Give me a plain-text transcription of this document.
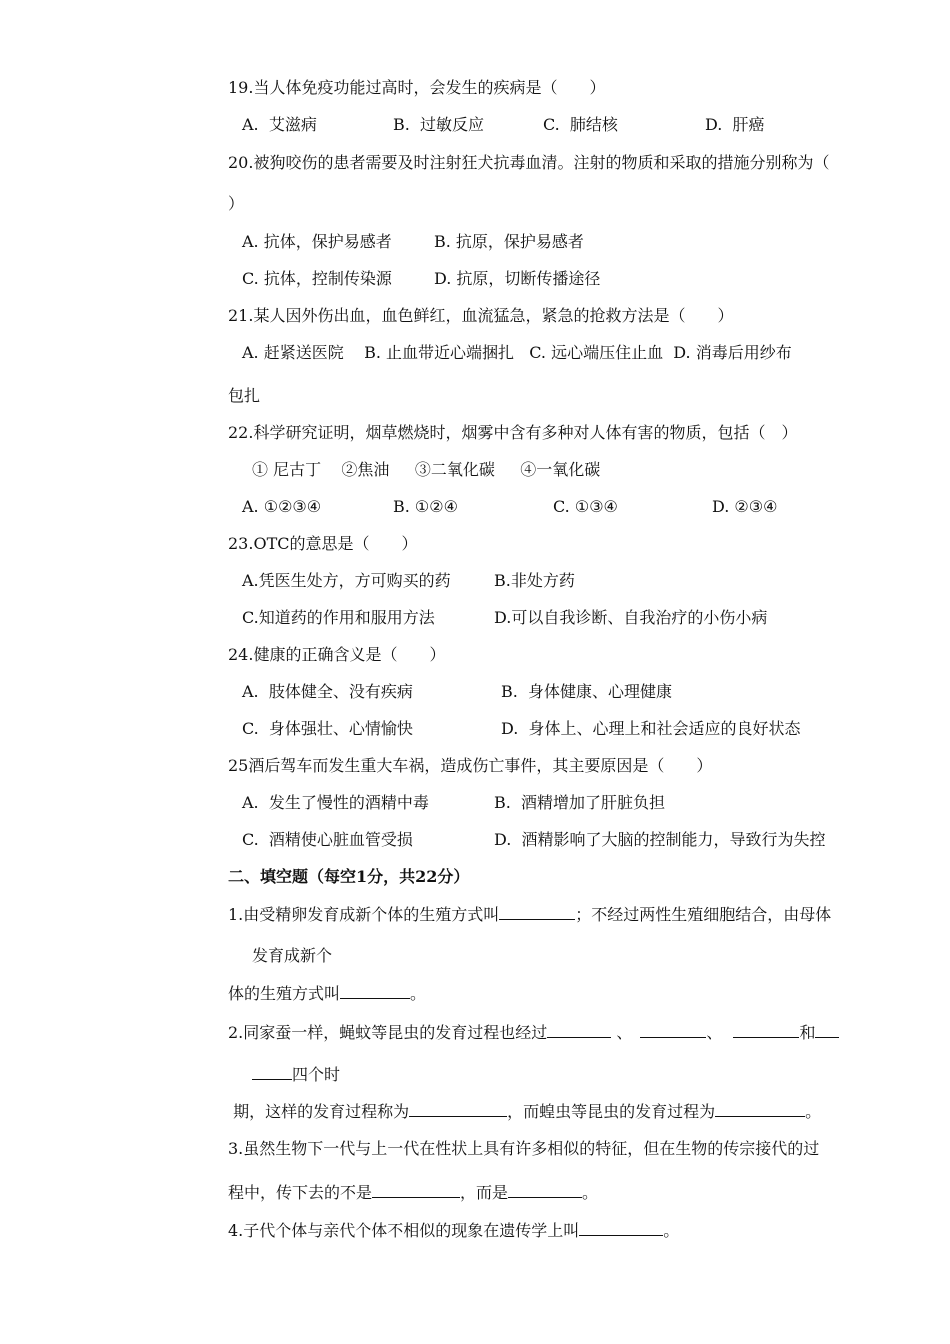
19.当人体免疫功能过高时，会发生的疾病是（　　）
A.  艾滋病	B.  过敏反应	C.  肺结核	D.  肝癌
20.被狗咬伤的患者需要及时注射狂犬抗毒血清。注射的物质和采取的措施分别称为（
）
A. 抗体，保护易感者	B. 抗原，保护易感者
C. 抗体，控制传染源	D. 抗原，切断传播途径
21.某人因外伤出血，血色鲜红，血流猛急，紧急的抢救方法是（　　）
A. 赶紧送医院    B. 止血带近心端捆扎   C. 远心端压住止血  D. 消毒后用纱布
包扎
22.科学研究证明，烟草燃烧时，烟雾中含有多种对人体有害的物质，包括（　）
① 尼古丁    ②焦油     ③二氧化碳     ④一氧化碳
A. ①②③④	B. ①②④	C. ①③④	D. ②③④
23.OTC的意思是（　　）
A.凭医生处方，方可购买的药	B.非处方药
C.知道药的作用和服用方法	D.可以自我诊断、自我治疗的小伤小病
24.健康的正确含义是（　　）
A.  肢体健全、没有疾病	B.  身体健康、心理健康
C.  身体强壮、心情愉快	D.  身体上、心理上和社会适应的良好状态
25酒后驾车而发生重大车祸，造成伤亡事件，其主要原因是（　　）
A.  发生了慢性的酒精中毒	B.  酒精增加了肝脏负担
C.  酒精使心脏血管受损	D.  酒精影响了大脑的控制能力，导致行为失控
二、填空题（每空1分，共22分）
1.由受精卵发育成新个体的生殖方式叫	；不经过两性生殖细胞结合，由母体
发育成新个
体的生殖方式叫	。
2.同家蚕一样，蝇蚊等昆虫的发育过程也经过	、	、	和
四个时
期，这样的发育过程称为	，而蝗虫等昆虫的发育过程为	。
3.虽然生物下一代与上一代在性状上具有许多相似的特征，但在生物的传宗接代的过
程中，传下去的不是	，而是	。
4.子代个体与亲代个体不相似的现象在遗传学上叫	。
